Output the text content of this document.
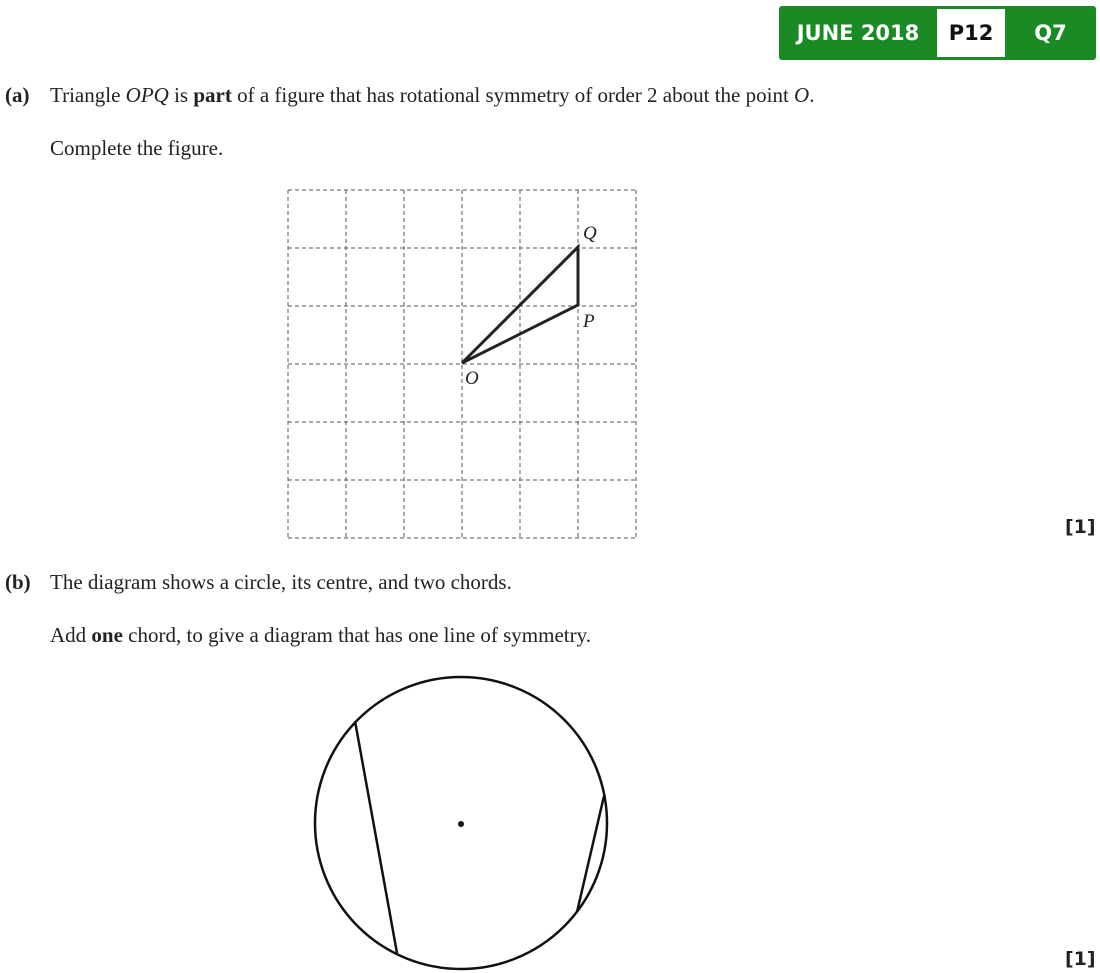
JUNE 2018	P12	Q7
(a) Triangle OPQ is part of a figure that has rotational symmetry of order 2 about the point O.
Complete the figure.
Q
P
O
[1]
(b) The diagram shows a circle, its centre, and two chords.
Add one chord, to give a diagram that has one line of symmetry.
[1]
